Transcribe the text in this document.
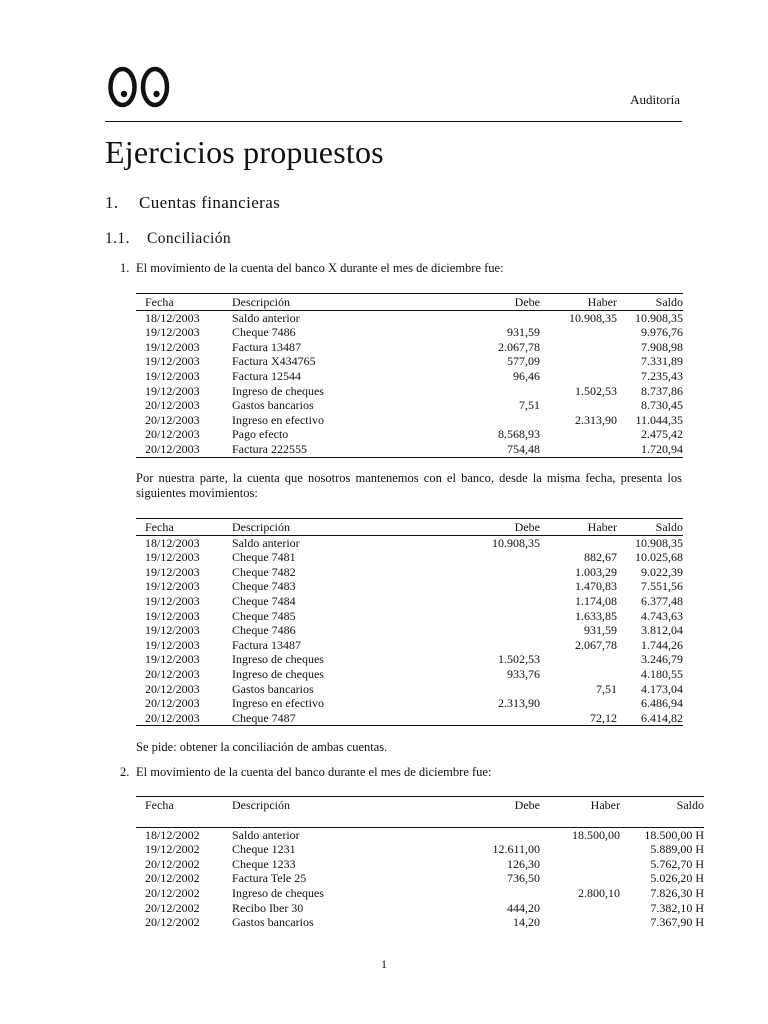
Auditoría
Ejercicios propuestos
1. Cuentas financieras
1.1. Conciliación
1. El movimiento de la cuenta del banco X durante el mes de diciembre fue:
Fecha	Descripción	Debe	Haber	Saldo
18/12/2003	Saldo anterior		10.908,35	10.908,35
19/12/2003	Cheque 7486	931,59		9.976,76
19/12/2003	Factura 13487	2.067,78		7.908,98
19/12/2003	Factura X434765	577,09		7.331,89
19/12/2003	Factura 12544	96,46		7.235,43
19/12/2003	Ingreso de cheques		1.502,53	8.737,86
20/12/2003	Gastos bancarios	7,51		8.730,45
20/12/2003	Ingreso en efectivo		2.313,90	11.044,35
20/12/2003	Pago efecto	8.568,93		2.475,42
20/12/2003	Factura 222555	754,48		1.720,94
Por nuestra parte, la cuenta que nosotros mantenemos con el banco, desde la misma fecha, presenta los siguientes movimientos:
Fecha	Descripción	Debe	Haber	Saldo
18/12/2003	Saldo anterior	10.908,35		10.908,35
19/12/2003	Cheque 7481		882,67	10.025,68
19/12/2003	Cheque 7482		1.003,29	9.022,39
19/12/2003	Cheque 7483		1.470,83	7.551,56
19/12/2003	Cheque 7484		1.174,08	6.377,48
19/12/2003	Cheque 7485		1.633,85	4.743,63
19/12/2003	Cheque 7486		931,59	3.812,04
19/12/2003	Factura 13487		2.067,78	1.744,26
19/12/2003	Ingreso de cheques	1.502,53		3.246,79
20/12/2003	Ingreso de cheques	933,76		4.180,55
20/12/2003	Gastos bancarios		7,51	4.173,04
20/12/2003	Ingreso en efectivo	2.313,90		6.486,94
20/12/2003	Cheque 7487		72,12	6.414,82
Se pide: obtener la conciliación de ambas cuentas.
2. El movimiento de la cuenta del banco durante el mes de diciembre fue:
Fecha	Descripción	Debe	Haber	Saldo
18/12/2002	Saldo anterior		18.500,00	18.500,00 H
19/12/2002	Cheque 1231	12.611,00		5.889,00 H
20/12/2002	Cheque 1233	126,30		5.762,70 H
20/12/2002	Factura Tele 25	736,50		5.026,20 H
20/12/2002	Ingreso de cheques		2.800,10	7.826,30 H
20/12/2002	Recibo Iber 30	444,20		7.382,10 H
20/12/2002	Gastos bancarios	14,20		7.367,90 H
1
